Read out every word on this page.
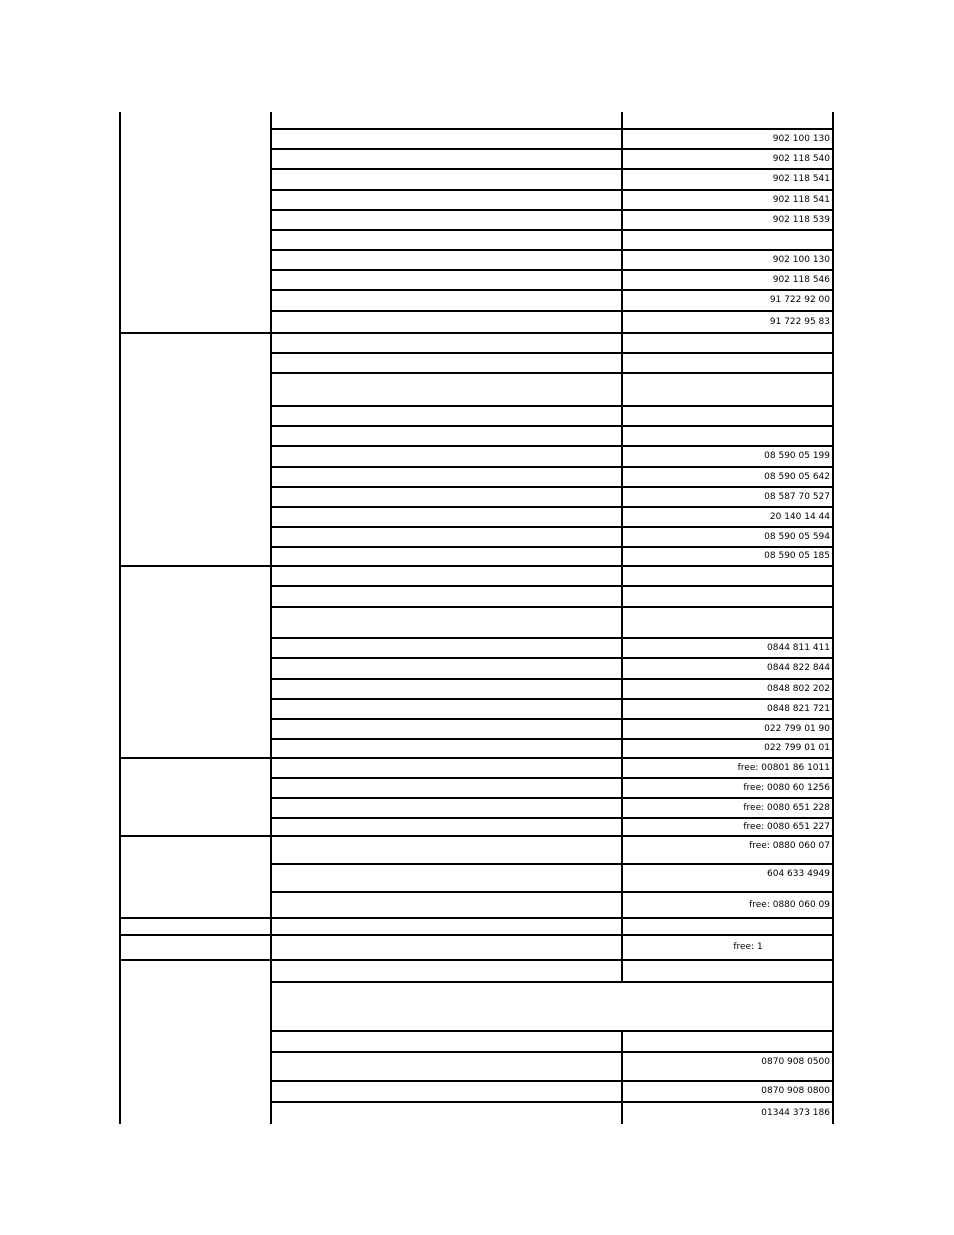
902 100 130
902 118 540
902 118 541
902 118 541
902 118 539
902 100 130
902 118 546
91 722 92 00
91 722 95 83
08 590 05 199
08 590 05 642
08 587 70 527
20 140 14 44
08 590 05 594
08 590 05 185
0844 811 411
0844 822 844
0848 802 202
0848 821 721
022 799 01 90
022 799 01 01
free: 00801 86 1011
free: 0080 60 1256
free: 0080 651 228
free: 0080 651 227
free: 0880 060 07
604 633 4949
free: 0880 060 09
free: 1
0870 908 0500
0870 908 0800
01344 373 186
